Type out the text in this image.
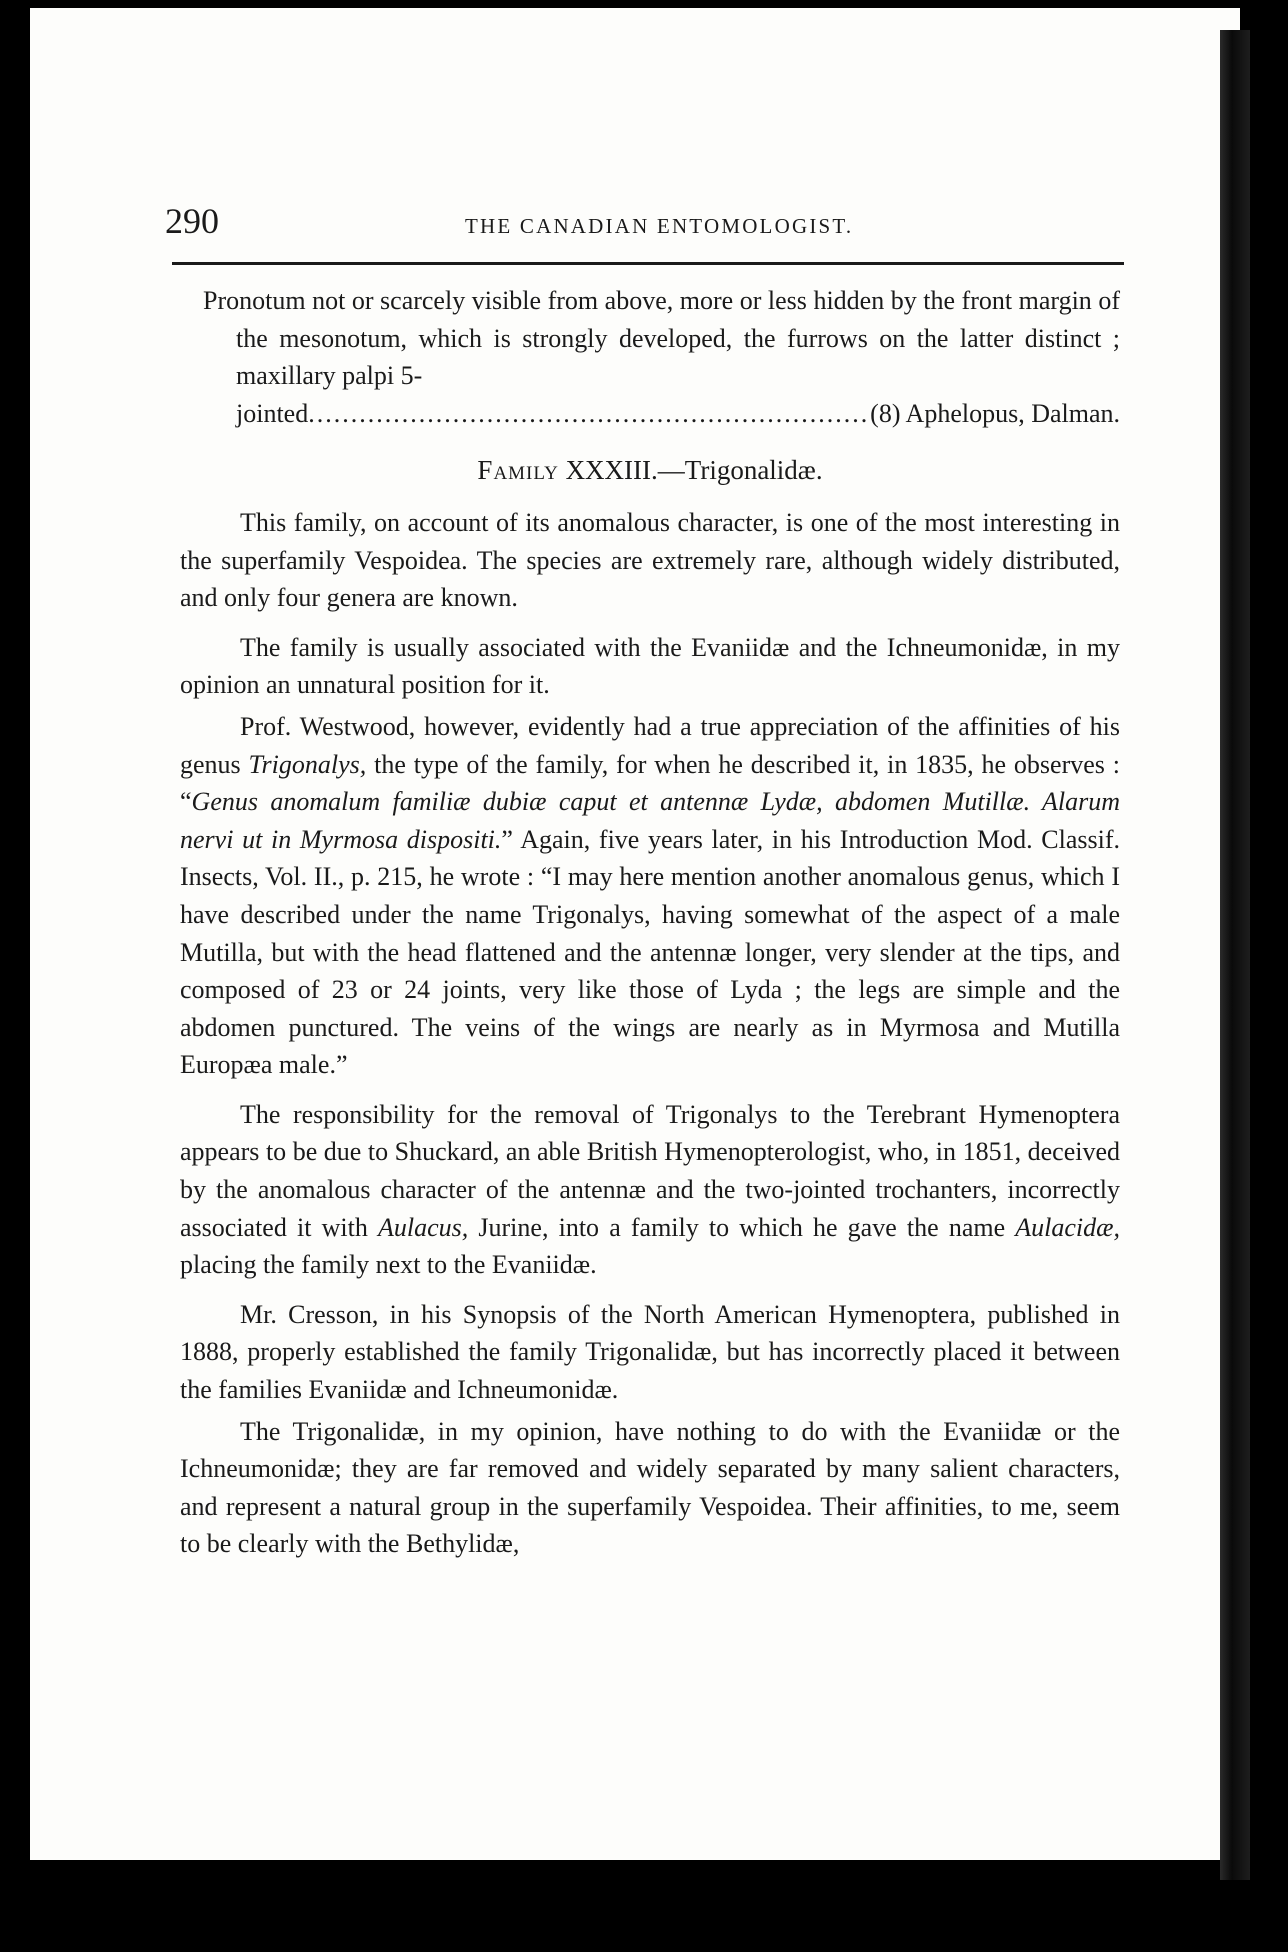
290	THE CANADIAN ENTOMOLOGIST.

Pronotum not or scarcely visible from above, more or less hidden by the front margin of the mesonotum, which is strongly developed, the furrows on the latter distinct ; maxillary palpi 5-

jointed
.....	(8) Aphelopus, Dalman.

Family XXXIII.—Trigonalidæ.

This family, on account of its anomalous character, is one of the most interesting in the superfamily Vespoidea. The species are extremely rare, although widely distributed, and only four genera are known.

The family is usually associated with the Evaniidæ and the Ichneumonidæ, in my opinion an unnatural position for it.

Prof. Westwood, however, evidently had a true appreciation of the affinities of his genus Trigonalys, the type of the family, for when he described it, in 1835, he observes : “Genus anomalum familiæ dubiæ caput et antennæ Lydæ, abdomen Mutillæ. Alarum nervi ut in Myrmosa dispositi.” Again, five years later, in his Introduction Mod. Classif. Insects, Vol. II., p. 215, he wrote : “I may here mention another anomalous genus, which I have described under the name Trigonalys, having somewhat of the aspect of a male Mutilla, but with the head flattened and the antennæ longer, very slender at the tips, and composed of 23 or 24 joints, very like those of Lyda ; the legs are simple and the abdomen punctured. The veins of the wings are nearly as in Myrmosa and Mutilla Europæa male.”

The responsibility for the removal of Trigonalys to the Terebrant Hymenoptera appears to be due to Shuckard, an able British Hymenopterologist, who, in 1851, deceived by the anomalous character of the antennæ and the two-jointed trochanters, incorrectly associated it with Aulacus, Jurine, into a family to which he gave the name Aulacidæ, placing the family next to the Evaniidæ.

Mr. Cresson, in his Synopsis of the North American Hymenoptera, published in 1888, properly established the family Trigonalidæ, but has incorrectly placed it between the families Evaniidæ and Ichneumonidæ.

The Trigonalidæ, in my opinion, have nothing to do with the Evaniidæ or the Ichneumonidæ; they are far removed and widely separated by many salient characters, and represent a natural group in the superfamily Vespoidea. Their affinities, to me, seem to be clearly with the Bethylidæ,
